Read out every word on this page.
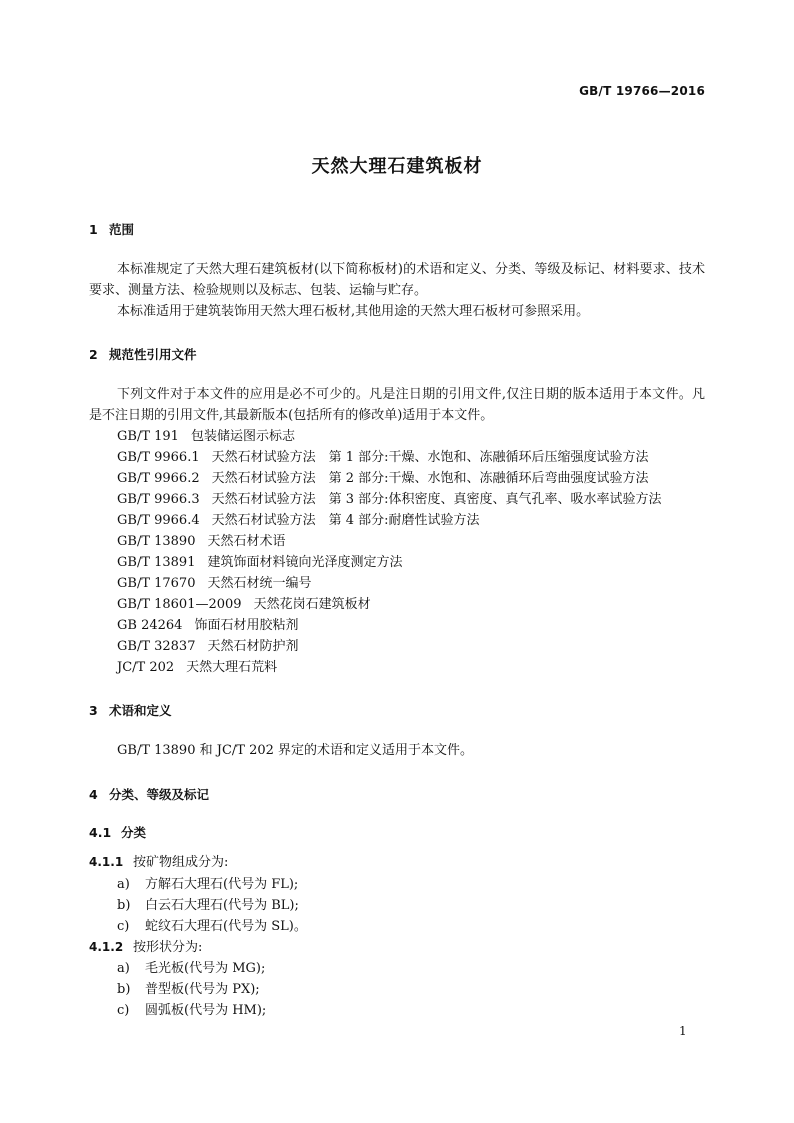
GB/T 19766—2016
天然大理石建筑板材
1 范围
本标准规定了天然大理石建筑板材(以下简称板材)的术语和定义、分类、等级及标记、材料要求、技术要求、测量方法、检验规则以及标志、包装、运输与贮存。
本标准适用于建筑装饰用天然大理石板材,其他用途的天然大理石板材可参照采用。
2 规范性引用文件
下列文件对于本文件的应用是必不可少的。凡是注日期的引用文件,仅注日期的版本适用于本文件。凡是不注日期的引用文件,其最新版本(包括所有的修改单)适用于本文件。
GB/T 191 包装储运图示标志
GB/T 9966.1 天然石材试验方法　第 1 部分:干燥、水饱和、冻融循环后压缩强度试验方法
GB/T 9966.2 天然石材试验方法　第 2 部分:干燥、水饱和、冻融循环后弯曲强度试验方法
GB/T 9966.3 天然石材试验方法　第 3 部分:体积密度、真密度、真气孔率、吸水率试验方法
GB/T 9966.4 天然石材试验方法　第 4 部分:耐磨性试验方法
GB/T 13890 天然石材术语
GB/T 13891 建筑饰面材料镜向光泽度测定方法
GB/T 17670 天然石材统一编号
GB/T 18601—2009 天然花岗石建筑板材
GB 24264 饰面石材用胶粘剂
GB/T 32837 天然石材防护剂
JC/T 202 天然大理石荒料
3 术语和定义
GB/T 13890 和 JC/T 202 界定的术语和定义适用于本文件。
4 分类、等级及标记
4.1 分类
4.1.1 按矿物组成分为:
a) 方解石大理石(代号为 FL);
b) 白云石大理石(代号为 BL);
c) 蛇纹石大理石(代号为 SL)。
4.1.2 按形状分为:
a) 毛光板(代号为 MG);
b) 普型板(代号为 PX);
c) 圆弧板(代号为 HM);
1
